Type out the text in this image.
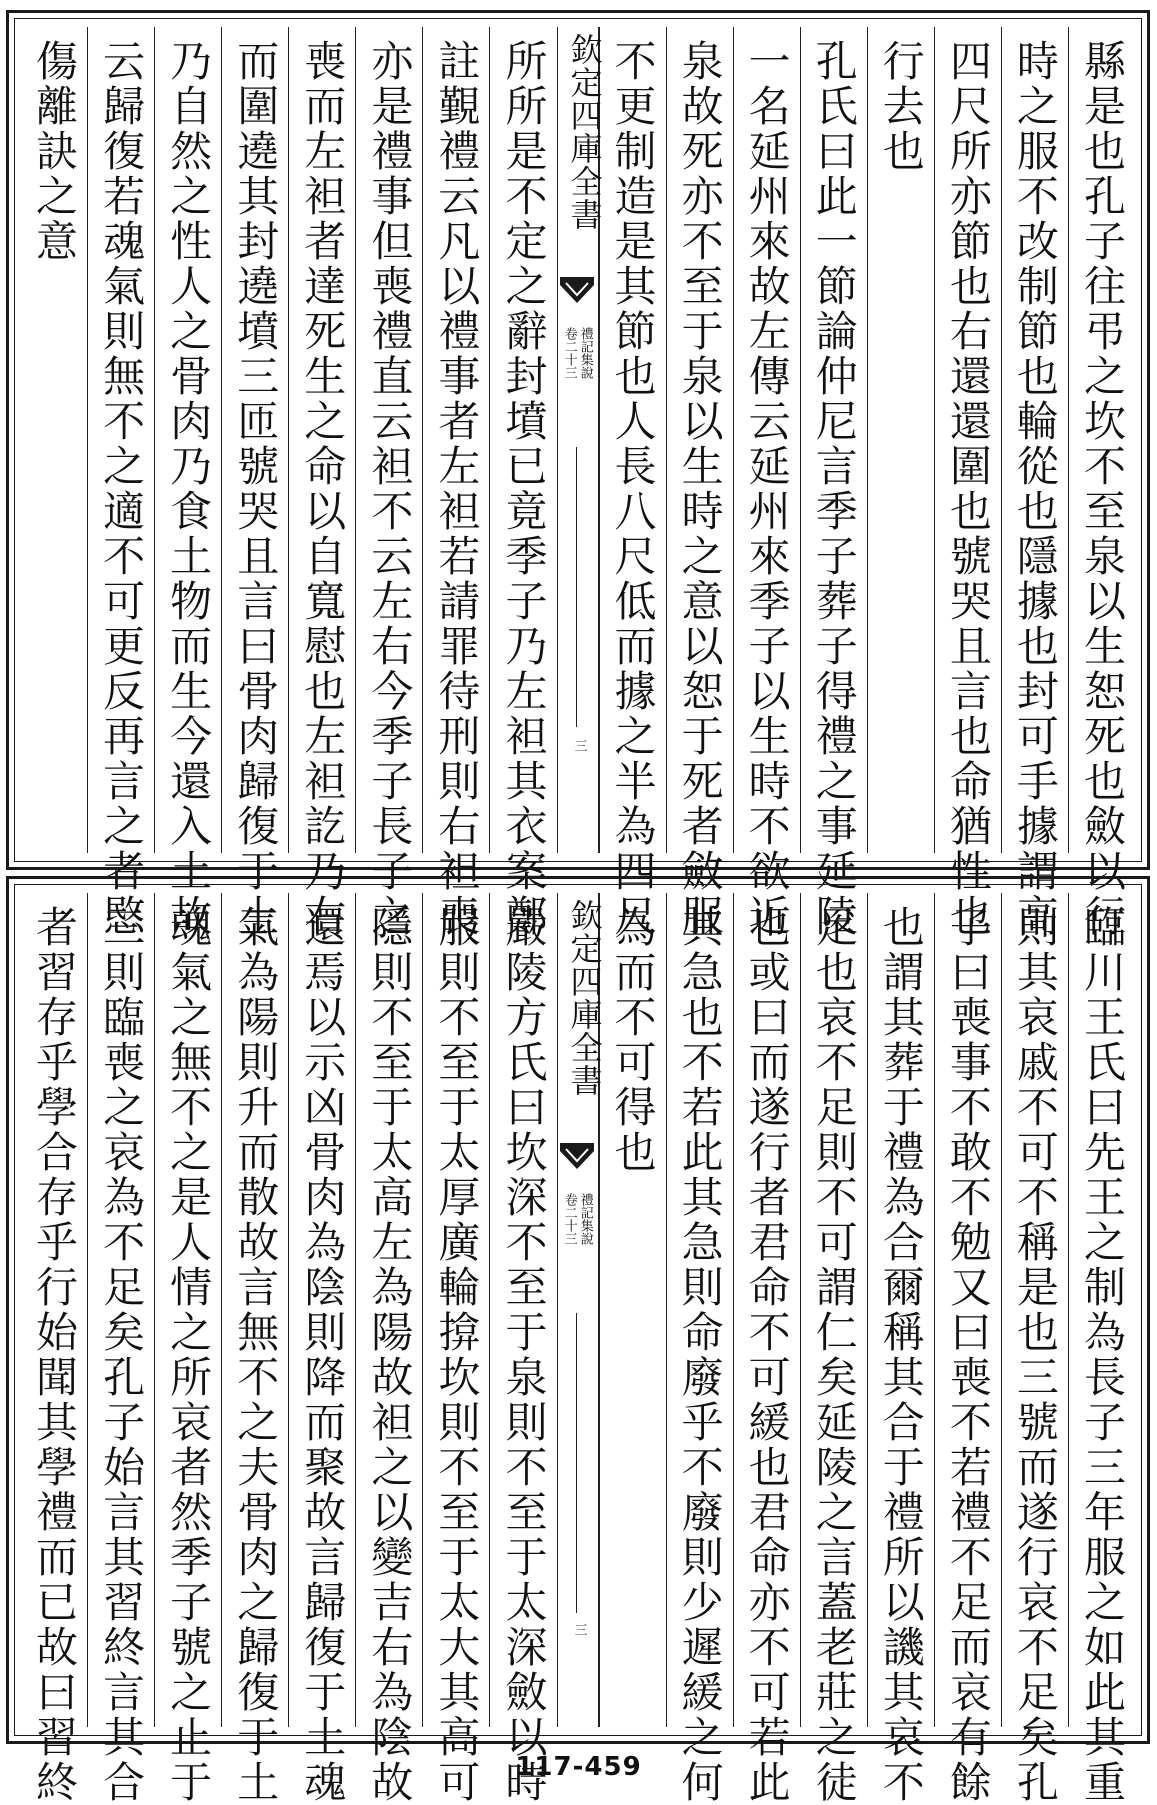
縣是也孔子往弔之坎不至泉以生恕死也斂以行
時之服不改制節也輪從也隱據也封可手據謂高
四尺所亦節也右還還圍也號哭且言也命猶性也
行去也
孔氏曰此一節論仲尼言季子葬子得禮之事延陵
一名延州來故左傳云延州來季子以生時不欲近
泉故死亦不至于泉以生時之意以恕于死者斂服
不更制造是其節也人長八尺低而據之半為四尺
欽定四庫全書
禮記集說
卷二十三
三
所所是不定之辭封墳已竟季子乃左袒其衣案鄭
註覲禮云凡以禮事者左袒若請罪待刑則右袒喪
亦是禮事但喪禮直云袒不云左右今季子長子之
喪而左袒者達死生之命以自寬慰也左袒訖乃右
而圍遶其封遶墳三匝號哭且言曰骨肉歸復于土
乃自然之性人之骨肉乃食土物而生今還入土故
云歸復若魂氣則無不之適不可更反再言之者愍
傷離訣之意
臨川王氏曰先王之制為長子三年服之如此其重
則其哀戚不可不稱是也三號而遂行哀不足矣孔
子曰喪事不敢不勉又曰喪不若禮不足而哀有餘
也謂其葬于禮為合爾稱其合于禮所以譏其哀不
足也哀不足則不可謂仁矣延陵之言蓋老莊之徒
也或曰而遂行者君命不可緩也君命亦不可若此
其急也不若此其急則命廢乎不廢則少遲緩之何
為而不可得也
欽定四庫全書
禮記集說
卷二十三
三
嚴陵方氏曰坎深不至于泉則不至于太深斂以時
服則不至于太厚廣輪揜坎則不至于太大其高可
隱則不至于太高左為陽故袒之以變吉右為陰故
還焉以示凶骨肉為陰則降而聚故言歸復于土魂
氣為陽則升而散故言無不之夫骨肉之歸復于土
魂氣之無不之是人情之所哀者然季子號之止于
三則臨喪之哀為不足矣孔子始言其習終言其合
者習存乎學合存乎行始聞其學禮而已故曰習終	117-459
